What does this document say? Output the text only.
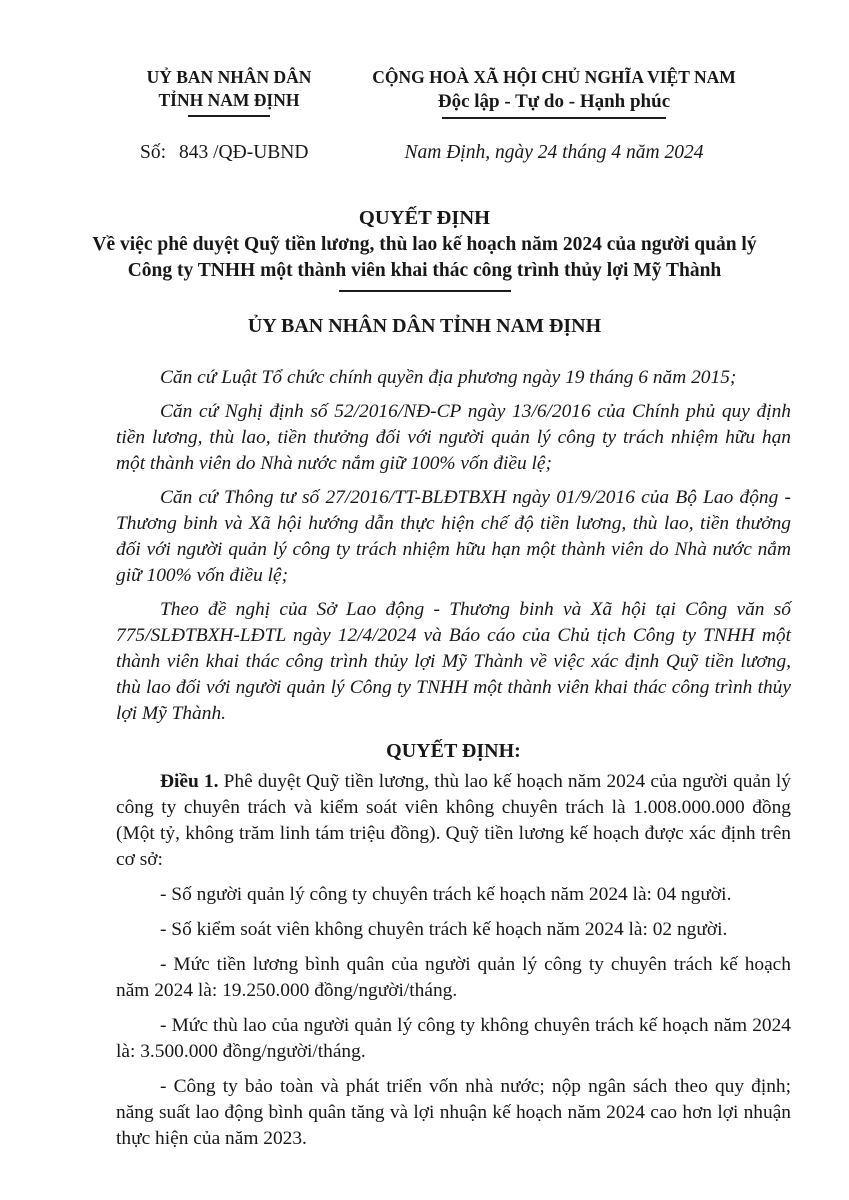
UỶ BAN NHÂN DÂN
TỈNH NAM ĐỊNH
CỘNG HOÀ XÃ HỘI CHỦ NGHĨA VIỆT NAM
Độc lập - Tự do - Hạnh phúc
Số: 843 /QĐ-UBND	Nam Định, ngày 24 tháng 4 năm 2024
QUYẾT ĐỊNH
Về việc phê duyệt Quỹ tiền lương, thù lao kế hoạch năm 2024 của người quản lý
Công ty TNHH một thành viên khai thác công trình thủy lợi Mỹ Thành
ỦY BAN NHÂN DÂN TỈNH NAM ĐỊNH

Căn cứ Luật Tổ chức chính quyền địa phương ngày 19 tháng 6 năm 2015;

Căn cứ Nghị định số 52/2016/NĐ-CP ngày 13/6/2016 của Chính phủ quy định tiền lương, thù lao, tiền thưởng đối với người quản lý công ty trách nhiệm hữu hạn một thành viên do Nhà nước nắm giữ 100% vốn điều lệ;

Căn cứ Thông tư số 27/2016/TT-BLĐTBXH ngày 01/9/2016 của Bộ Lao động - Thương binh và Xã hội hướng dẫn thực hiện chế độ tiền lương, thù lao, tiền thưởng đối với người quản lý công ty trách nhiệm hữu hạn một thành viên do Nhà nước nắm giữ 100% vốn điều lệ;

Theo đề nghị của Sở Lao động - Thương binh và Xã hội tại Công văn số 775/SLĐTBXH-LĐTL ngày 12/4/2024 và Báo cáo của Chủ tịch Công ty TNHH một thành viên khai thác công trình thủy lợi Mỹ Thành về việc xác định Quỹ tiền lương, thù lao đối với người quản lý Công ty TNHH một thành viên khai thác công trình thủy lợi Mỹ Thành.

QUYẾT ĐỊNH:

Điều 1. Phê duyệt Quỹ tiền lương, thù lao kế hoạch năm 2024 của người quản lý công ty chuyên trách và kiểm soát viên không chuyên trách là 1.008.000.000 đồng (Một tỷ, không trăm linh tám triệu đồng). Quỹ tiền lương kế hoạch được xác định trên cơ sở:

- Số người quản lý công ty chuyên trách kế hoạch năm 2024 là: 04 người.

- Số kiểm soát viên không chuyên trách kế hoạch năm 2024 là: 02 người.

- Mức tiền lương bình quân của người quản lý công ty chuyên trách kế hoạch năm 2024 là: 19.250.000 đồng/người/tháng.

- Mức thù lao của người quản lý công ty không chuyên trách kế hoạch năm 2024 là: 3.500.000 đồng/người/tháng.

- Công ty bảo toàn và phát triển vốn nhà nước; nộp ngân sách theo quy định; năng suất lao động bình quân tăng và lợi nhuận kế hoạch năm 2024 cao hơn lợi nhuận thực hiện của năm 2023.
